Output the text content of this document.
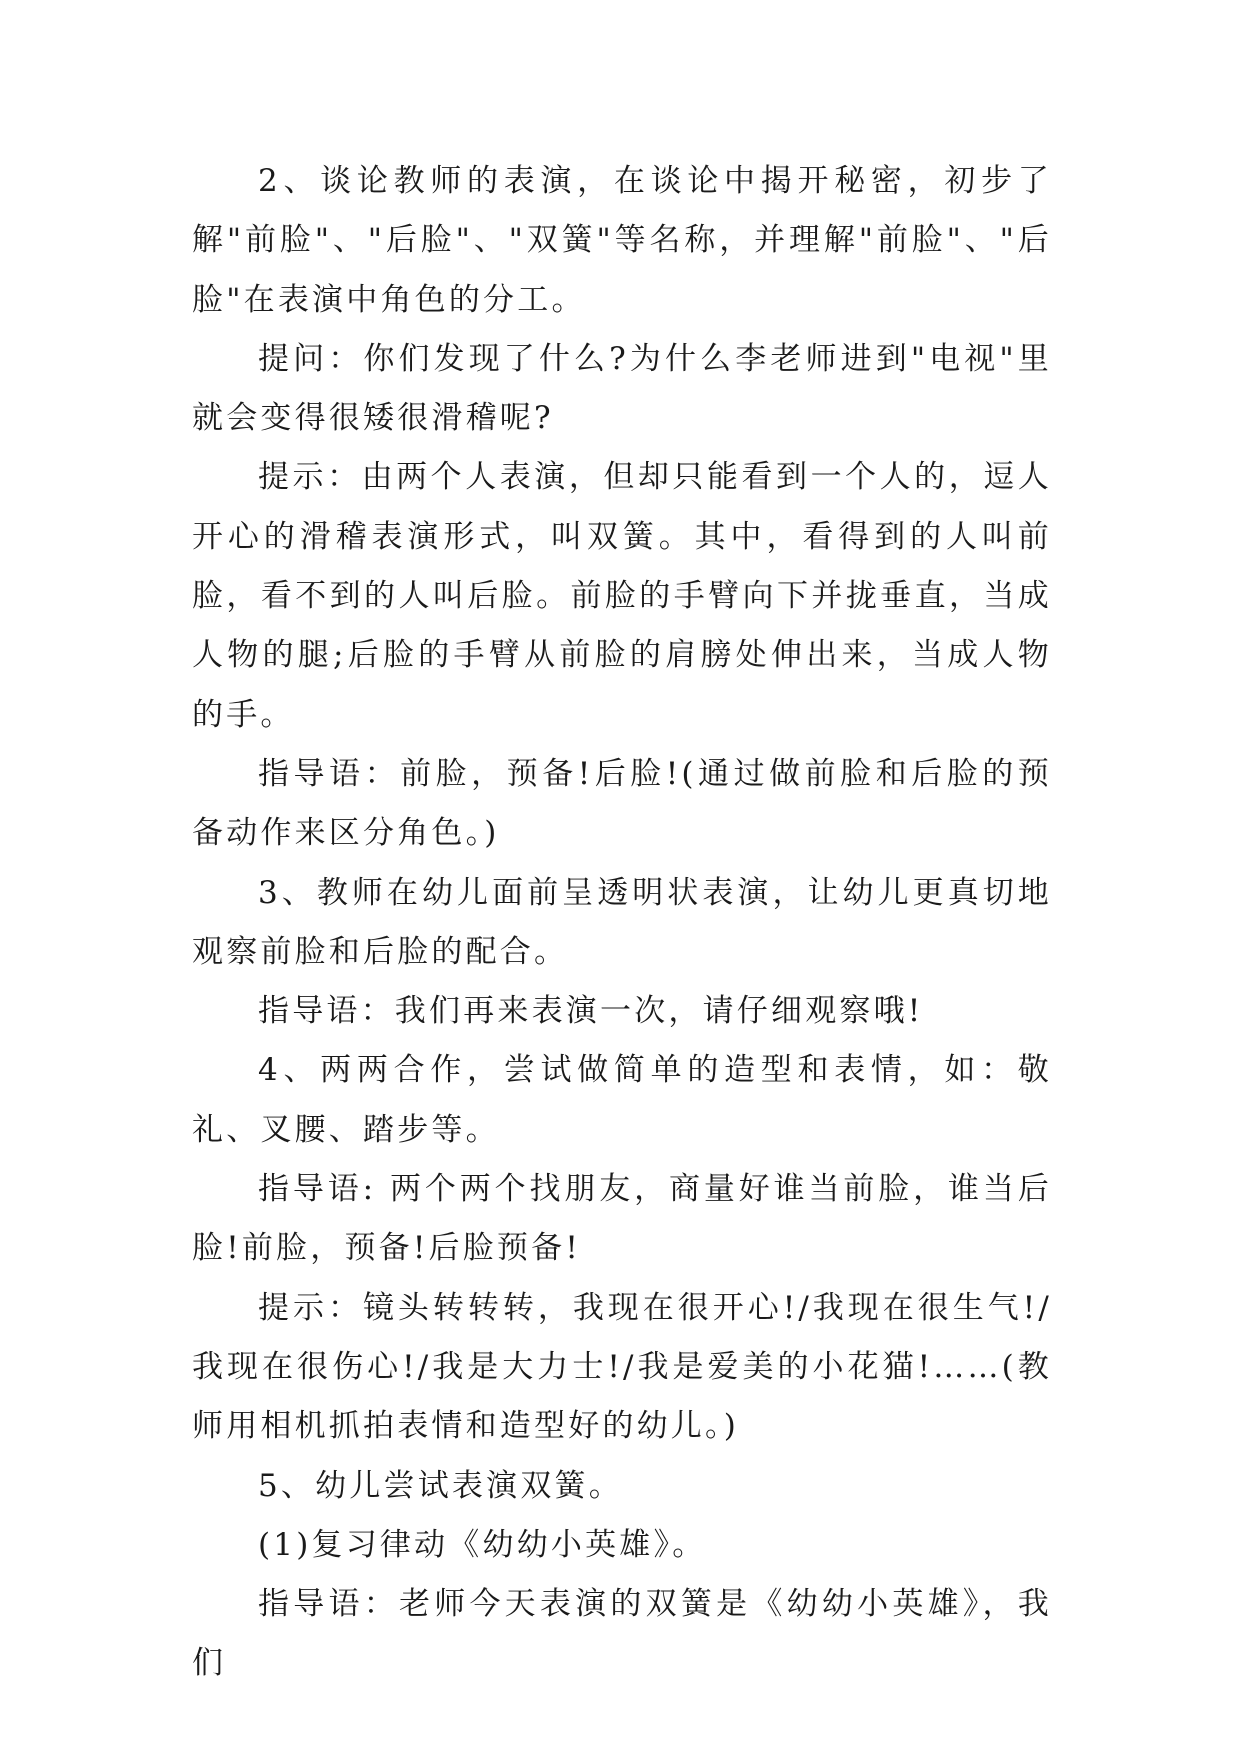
2、谈论教师的表演，在谈论中揭开秘密，初步了解"前脸"、"后脸"、"双簧"等名称，并理解"前脸"、"后脸"在表演中角色的分工。

提问：你们发现了什么?为什么李老师进到"电视"里就会变得很矮很滑稽呢?

提示：由两个人表演，但却只能看到一个人的，逗人开心的滑稽表演形式，叫双簧。其中，看得到的人叫前脸，看不到的人叫后脸。前脸的手臂向下并拢垂直，当成人物的腿;后脸的手臂从前脸的肩膀处伸出来，当成人物的手。

指导语：前脸，预备!后脸!(通过做前脸和后脸的预备动作来区分角色。)

3、教师在幼儿面前呈透明状表演，让幼儿更真切地观察前脸和后脸的配合。

指导语：我们再来表演一次，请仔细观察哦!

4、两两合作，尝试做简单的造型和表情，如：敬礼、叉腰、踏步等。

指导语: 两个两个找朋友，商量好谁当前脸，谁当后脸!前脸，预备!后脸预备!

提示：镜头转转转，我现在很开心!/我现在很生气!/我现在很伤心!/我是大力士!/我是爱美的小花猫!……(教师用相机抓拍表情和造型好的幼儿。)

5、幼儿尝试表演双簧。

(1)复习律动《幼幼小英雄》。

指导语：老师今天表演的双簧是《幼幼小英雄》，我们
